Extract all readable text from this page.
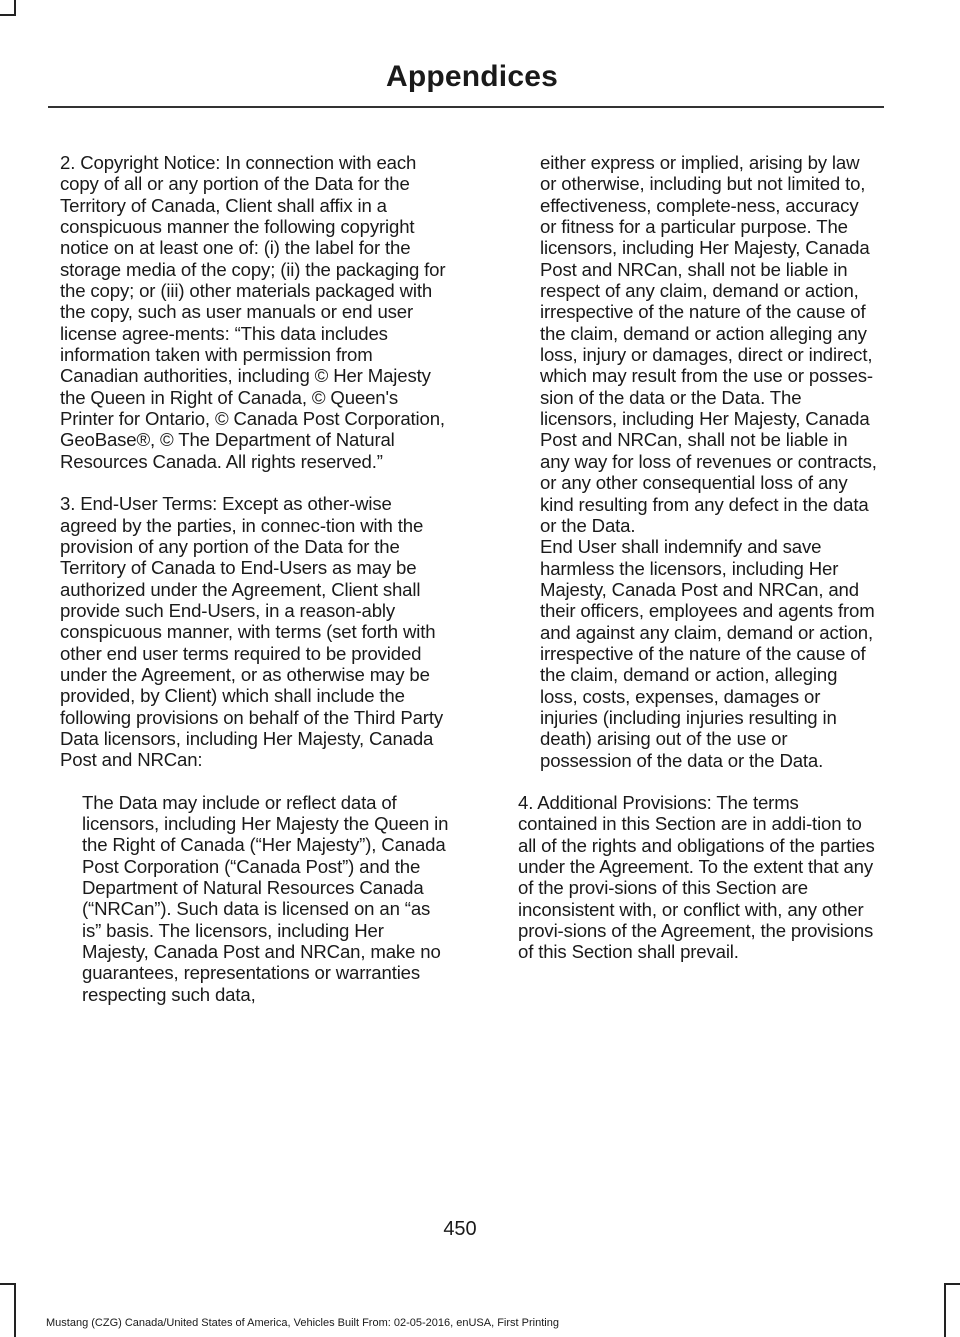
Appendices

2. Copyright Notice: In connection with each copy of all or any portion of the Data for the Territory of Canada, Client shall affix in a conspicuous manner the following copyright notice on at least one of: (i) the label for the storage media of the copy; (ii) the packaging for the copy; or (iii) other materials packaged with the copy, such as user manuals or end user license agree-ments: “This data includes information taken with permission from Canadian authorities, including © Her Majesty the Queen in Right of Canada, © Queen's Printer for Ontario, © Canada Post Corporation, GeoBase®, © The Department of Natural Resources Canada. All rights reserved.”

3. End-User Terms: Except as other-wise agreed by the parties, in connec-tion with the provision of any portion of the Data for the Territory of Canada to End-Users as may be authorized under the Agreement, Client shall provide such End-Users, in a reason-ably conspicuous manner, with terms (set forth with other end user terms required to be provided under the Agreement, or as otherwise may be provided, by Client) which shall include the following provisions on behalf of the Third Party Data licensors, including Her Majesty, Canada Post and NRCan:

The Data may include or reflect data of licensors, including Her Majesty the Queen in the Right of Canada (“Her Majesty”), Canada Post Corporation (“Canada Post”) and the Department of Natural Resources Canada (“NRCan”). Such data is licensed on an “as is” basis. The licensors, including Her Majesty, Canada Post and NRCan, make no guarantees, representations or warranties respecting such data,

either express or implied, arising by law or otherwise, including but not limited to, effectiveness, complete-ness, accuracy or fitness for a particular purpose. The licensors, including Her Majesty, Canada Post and NRCan, shall not be liable in respect of any claim, demand or action, irrespective of the nature of the cause of the claim, demand or action alleging any loss, injury or damages, direct or indirect, which may result from the use or posses-sion of the data or the Data. The licensors, including Her Majesty, Canada Post and NRCan, shall not be liable in any way for loss of revenues or contracts, or any other consequential loss of any kind resulting from any defect in the data or the Data.

End User shall indemnify and save harmless the licensors, including Her Majesty, Canada Post and NRCan, and their officers, employees and agents from and against any claim, demand or action, irrespective of the nature of the cause of the claim, demand or action, alleging loss, costs, expenses, damages or injuries (including injuries resulting in death) arising out of the use or possession of the data or the Data.

4. Additional Provisions: The terms contained in this Section are in addi-tion to all of the rights and obligations of the parties under the Agreement. To the extent that any of the provi-sions of this Section are inconsistent with, or conflict with, any other provi-sions of the Agreement, the provisions of this Section shall prevail.

450
Mustang (CZG) Canada/United States of America, Vehicles Built From: 02-05-2016, enUSA, First Printing
